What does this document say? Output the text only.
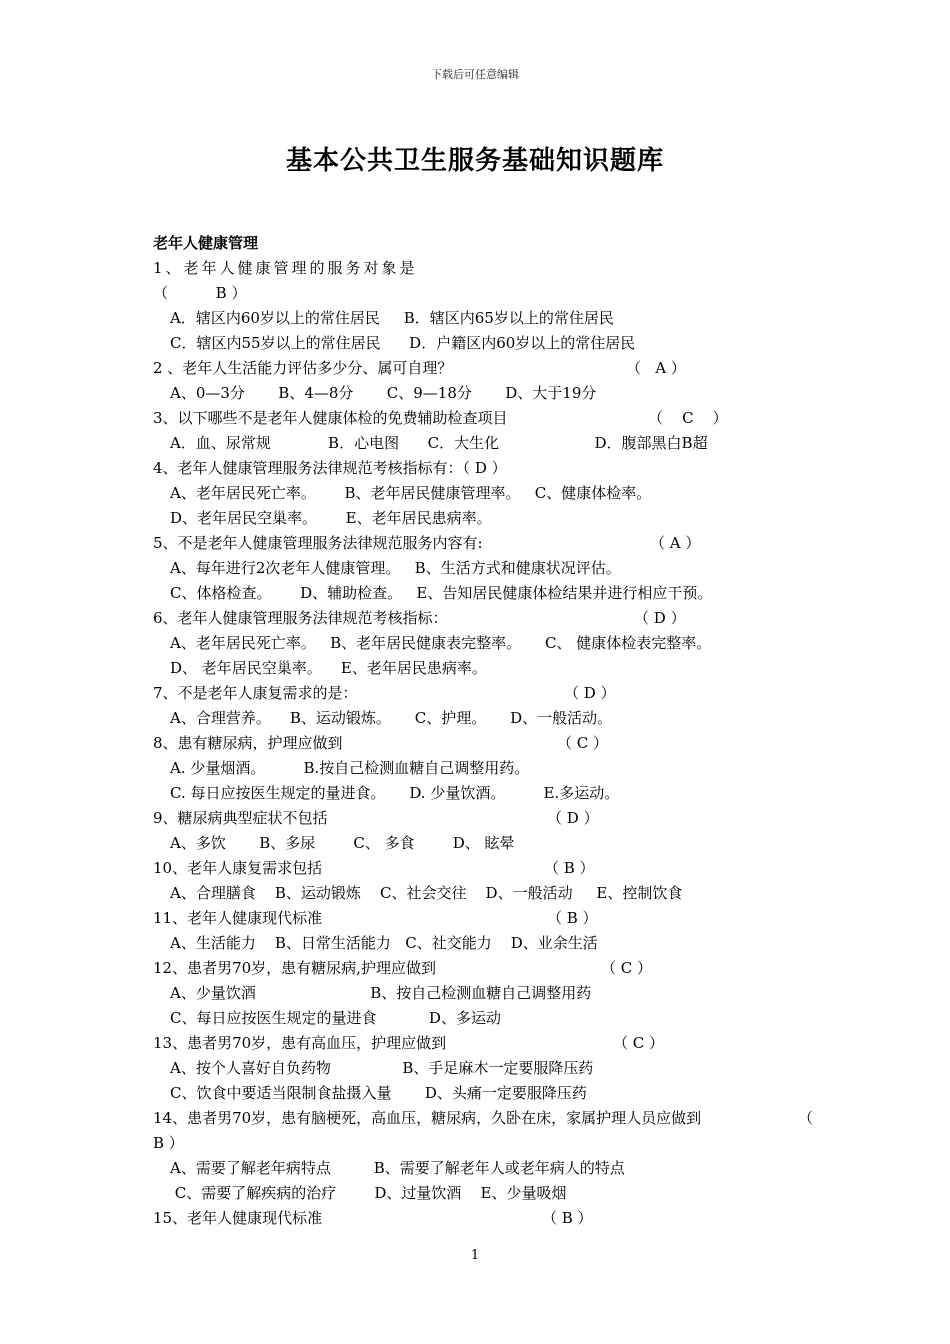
下载后可任意编辑
基本公共卫生服务基础知识题库
老年人健康管理
1、老年人健康管理的服务对象是
（          B ）
A．辖区内60岁以上的常住居民     B．辖区内65岁以上的常住居民
C．辖区内55岁以上的常住居民      D．户籍区内60岁以上的常住居民
2 、老年人生活能力评估多少分、属可自理？	（   A ）
A、0—3分       B、4—8分       C、9—18分       D、大于19分
3、以下哪些不是老年人健康体检的免费辅助检查项目	（    C    ）
A．血、尿常规            B．心电图      C．大生化                    D．腹部黑白B超
4、老年人健康管理服务法律规范考核指标有：（ D ）
A、老年居民死亡率。      B、老年居民健康管理率。   C、健康体检率。
D、老年居民空巢率。      E、老年居民患病率。
5、不是老年人健康管理服务法律规范服务内容有:	（ A ）
A、每年进行2次老年人健康管理。   B、生活方式和健康状况评估。
C、体格检查。      D、辅助检查。   E、告知居民健康体检结果并进行相应干预。
6、老年人健康管理服务法律规范考核指标：	（ D ）
A、老年居民死亡率。   B、老年居民健康表完整率。     C、 健康体检表完整率。
D、 老年居民空巢率。    E、老年居民患病率。
7、不是老年人康复需求的是：	（ D ）
A、合理营养。    B、运动锻炼。     C、护理。     D、一般活动。
8、患有糖尿病，护理应做到	（ C ）
A. 少量烟酒。        B.按自己检测血糖自己调整用药。
C. 每日应按医生规定的量进食。     D. 少量饮酒。        E.多运动。
9、糖尿病典型症状不包括	（ D ）
A、多饮       B、多尿        C、 多食        D、 眩晕
10、老年人康复需求包括	（ B ）
A、合理膳食    B、运动锻炼    C、社会交往    D、一般活动     E、控制饮食
11、老年人健康现代标准	（ B ）
A、生活能力    B、日常生活能力   C、社交能力    D、业余生活
12、患者男70岁，患有糖尿病,护理应做到	（ C ）
A、少量饮酒                        B、按自己检测血糖自己调整用药
C、每日应按医生规定的量进食           D、多运动
13、患者男70岁，患有高血压，护理应做到	（ C ）
A、按个人喜好自负药物               B、手足麻木一定要服降压药
C、饮食中要适当限制食盐摄入量       D、头痛一定要服降压药
14、患者男70岁，患有脑梗死，高血压，糖尿病，久卧在床，家属护理人员应做到	（
B ）
A、需要了解老年病特点         B、需要了解老年人或老年病人的特点
C、需要了解疾病的治疗        D、过量饮酒    E、少量吸烟
15、老年人健康现代标准	（ B ）
1
